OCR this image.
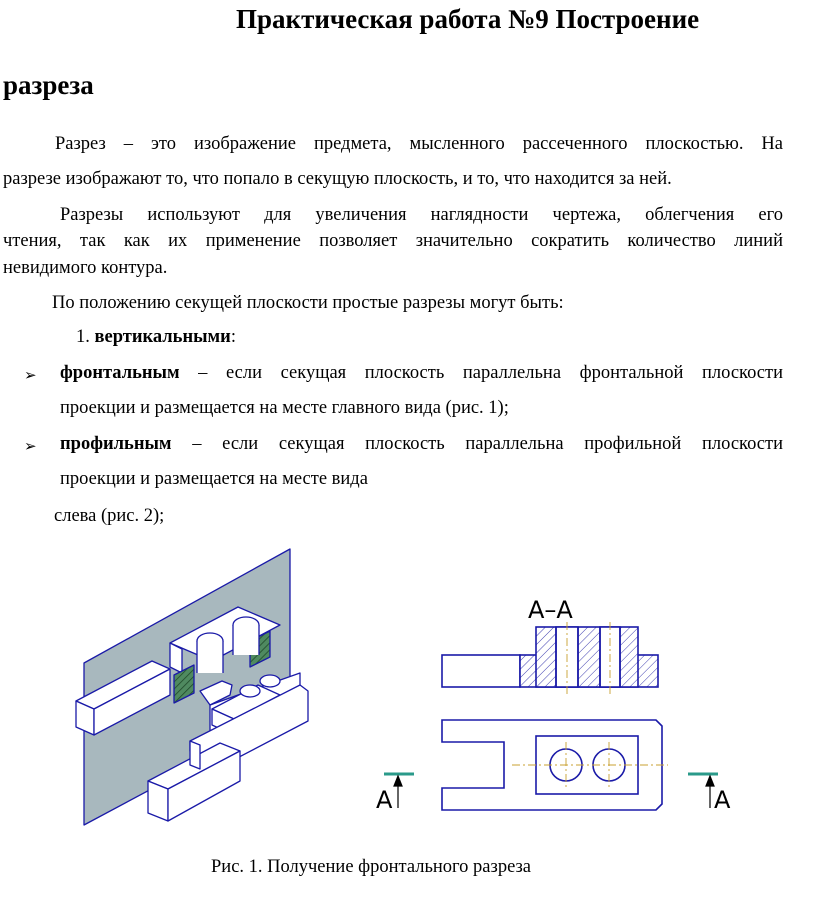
Практическая работа №9 Построение
разреза
Разрез – это изображение предмета, мысленного рассеченного плоскостью. На
разрезе изображают то, что попало в секущую плоскость, и то, что находится за ней.
Разрезы используют для увеличения наглядности чертежа, облегчения его
чтения, так как их применение позволяет значительно сократить количество линий
невидимого контура.
По положению секущей плоскости простые разрезы могут быть:
1. вертикальными:
➢ фронтальным – если секущая плоскость параллельна фронтальной плоскости
проекции и размещается на месте главного вида (рис. 1);
➢ профильным – если секущая плоскость параллельна профильной плоскости
проекции и размещается на месте вида
слева (рис. 2);
А–А
А	А
Рис. 1. Получение фронтального разреза
